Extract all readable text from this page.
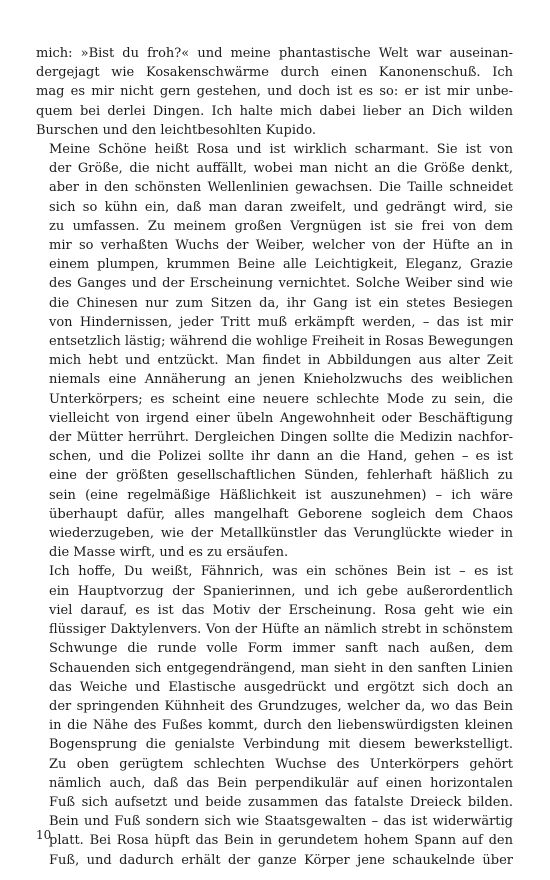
mich: »Bist du froh?« und meine phantastische Welt war auseinan-
dergejagt wie Kosakenschwärme durch einen Kanonenschuß. Ich
mag es mir nicht gern gestehen, und doch ist es so: er ist mir unbe-
quem bei derlei Dingen. Ich halte mich dabei lieber an Dich wilden
Burschen und den leichtbesohlten Kupido.

Meine Schöne heißt Rosa und ist wirklich scharmant. Sie ist von
der Größe, die nicht auffällt, wobei man nicht an die Größe denkt,
aber in den schönsten Wellenlinien gewachsen. Die Taille schneidet
sich so kühn ein, daß man daran zweifelt, und gedrängt wird, sie
zu umfassen. Zu meinem großen Vergnügen ist sie frei von dem
mir so verhaßten Wuchs der Weiber, welcher von der Hüfte an in
einem plumpen, krummen Beine alle Leichtigkeit, Eleganz, Grazie
des Ganges und der Erscheinung vernichtet. Solche Weiber sind wie
die Chinesen nur zum Sitzen da, ihr Gang ist ein stetes Besiegen
von Hindernissen, jeder Tritt muß erkämpft werden, – das ist mir
entsetzlich lästig; während die wohlige Freiheit in Rosas Bewegungen
mich hebt und entzückt. Man findet in Abbildungen aus alter Zeit
niemals eine Annäherung an jenen Knieholzwuchs des weiblichen
Unterkörpers; es scheint eine neuere schlechte Mode zu sein, die
vielleicht von irgend einer übeln Angewohnheit oder Beschäftigung
der Mütter herrührt. Dergleichen Dingen sollte die Medizin nachfor-
schen, und die Polizei sollte ihr dann an die Hand, gehen – es ist
eine der größten gesellschaftlichen Sünden, fehlerhaft häßlich zu
sein (eine regelmäßige Häßlichkeit ist auszunehmen) – ich wäre
überhaupt dafür, alles mangelhaft Geborene sogleich dem Chaos
wiederzugeben, wie der Metallkünstler das Verunglückte wieder in
die Masse wirft, und es zu ersäufen.

Ich hoffe, Du weißt, Fähnrich, was ein schönes Bein ist – es ist
ein Hauptvorzug der Spanierinnen, und ich gebe außerordentlich
viel darauf, es ist das Motiv der Erscheinung. Rosa geht wie ein
flüssiger Daktylenvers. Von der Hüfte an nämlich strebt in schönstem
Schwunge die runde volle Form immer sanft nach außen, dem
Schauenden sich entgegendrängend, man sieht in den sanften Linien
das Weiche und Elastische ausgedrückt und ergötzt sich doch an
der springenden Kühnheit des Grundzuges, welcher da, wo das Bein
in die Nähe des Fußes kommt, durch den liebenswürdigsten kleinen
Bogensprung die genialste Verbindung mit diesem bewerkstelligt.
Zu oben gerügtem schlechten Wuchse des Unterkörpers gehört
nämlich auch, daß das Bein perpendikulär auf einen horizontalen
Fuß sich aufsetzt und beide zusammen das fatalste Dreieck bilden.
Bein und Fuß sondern sich wie Staatsgewalten – das ist widerwärtig
platt. Bei Rosa hüpft das Bein in gerundetem hohem Spann auf den
Fuß, und dadurch erhält der ganze Körper jene schaukelnde über

10
